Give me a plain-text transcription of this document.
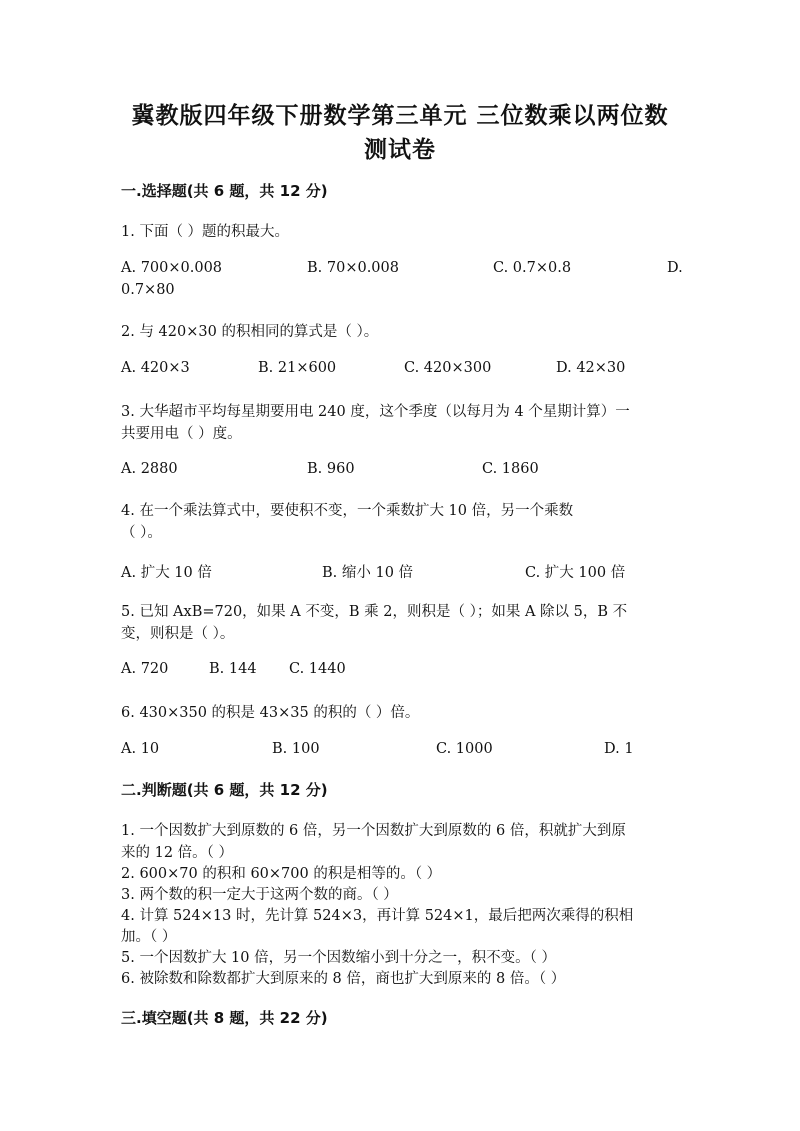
冀教版四年级下册数学第三单元 三位数乘以两位数
测试卷
一.选择题(共 6 题，共 12 分)
1. 下面（ ）题的积最大。
A. 700×0.008	B. 70×0.008	C. 0.7×0.8	D.
0.7×80
2. 与 420×30 的积相同的算式是（ ）。
A. 420×3	B. 21×600	C. 420×300	D. 42×30
3. 大华超市平均每星期要用电 240 度，这个季度（以每月为 4 个星期计算）一
共要用电（ ）度。
A. 2880	B. 960	C. 1860
4. 在一个乘法算式中，要使积不变，一个乘数扩大 10 倍，另一个乘数
（ ）。
A. 扩大 10 倍	B. 缩小 10 倍	C. 扩大 100 倍
5. 已知 AxB=720，如果 A 不变，B 乘 2，则积是（ ）；如果 A 除以 5，B 不
变，则积是（ ）。
A. 720	B. 144 C. 1440
6. 430×350 的积是 43×35 的积的（ ）倍。
A. 10	B. 100	C. 1000	D. 1
二.判断题(共 6 题，共 12 分)
1. 一个因数扩大到原数的 6 倍，另一个因数扩大到原数的 6 倍，积就扩大到原
来的 12 倍。（ ）
2. 600×70 的积和 60×700 的积是相等的。（ ）
3. 两个数的积一定大于这两个数的商。（ ）
4. 计算 524×13 时，先计算 524×3，再计算 524×1，最后把两次乘得的积相
加。（ ）
5. 一个因数扩大 10 倍，另一个因数缩小到十分之一，积不变。（ ）
6. 被除数和除数都扩大到原来的 8 倍，商也扩大到原来的 8 倍。（ ）
三.填空题(共 8 题，共 22 分)
